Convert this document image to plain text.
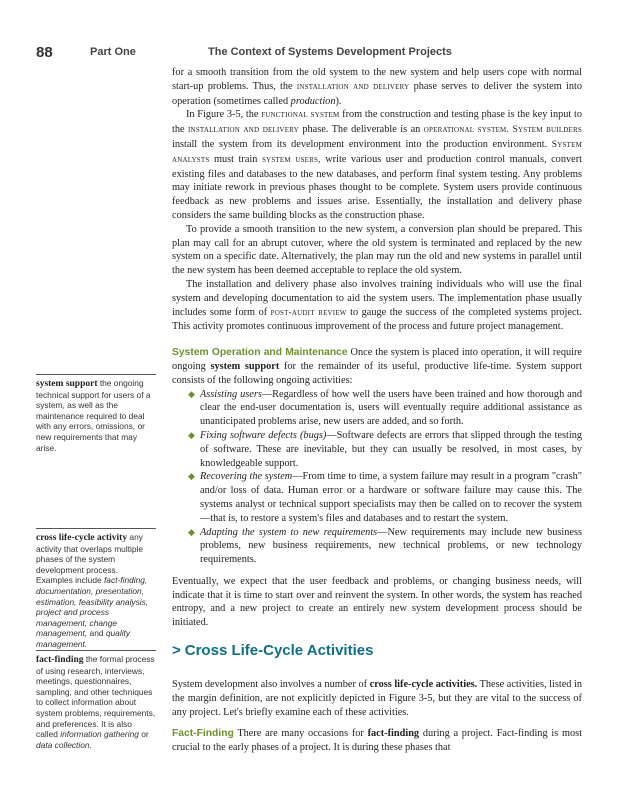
88	Part One	The Context of Systems Development Projects

for a smooth transition from the old system to the new system and help users cope with normal start-up problems. Thus, the installation and delivery phase serves to deliver the system into operation (sometimes called production).

In Figure 3-5, the functional system from the construction and testing phase is the key input to the installation and delivery phase. The deliverable is an operational system. System builders install the system from its development environment into the production environment. System analysts must train system users, write various user and production control manuals, convert existing files and databases to the new databases, and perform final system testing. Any problems may initiate rework in previous phases thought to be complete. System users provide continuous feedback as new problems and issues arise. Essentially, the installation and delivery phase considers the same building blocks as the construction phase.

To provide a smooth transition to the new system, a conversion plan should be prepared. This plan may call for an abrupt cutover, where the old system is terminated and replaced by the new system on a specific date. Alternatively, the plan may run the old and new systems in parallel until the new system has been deemed acceptable to replace the old system.

The installation and delivery phase also involves training individuals who will use the final system and developing documentation to aid the system users. The implementation phase usually includes some form of post-audit review to gauge the success of the completed systems project. This activity promotes continuous improvement of the process and future project management.

System Operation and Maintenance Once the system is placed into operation, it will require ongoing system support for the remainder of its useful, productive life-time. System support consists of the following ongoing activities:

◆ Assisting users—Regardless of how well the users have been trained and how thorough and clear the end-user documentation is, users will eventually require additional assistance as unanticipated problems arise, new users are added, and so forth.
◆ Fixing software defects (bugs)—Software defects are errors that slipped through the testing of software. These are inevitable, but they can usually be resolved, in most cases, by knowledgeable support.
◆ Recovering the system—From time to time, a system failure may result in a program "crash" and/or loss of data. Human error or a hardware or software failure may cause this. The systems analyst or technical support specialists may then be called on to recover the system—that is, to restore a system's files and databases and to restart the system.
◆ Adapting the system to new requirements—New requirements may include new business problems, new business requirements, new technical problems, or new technology requirements.

Eventually, we expect that the user feedback and problems, or changing business needs, will indicate that it is time to start over and reinvent the system. In other words, the system has reached entropy, and a new project to create an entirely new system development process should be initiated.

> Cross Life-Cycle Activities

System development also involves a number of cross life-cycle activities. These activities, listed in the margin definition, are not explicitly depicted in Figure 3-5, but they are vital to the success of any project. Let's briefly examine each of these activities.

Fact-Finding There are many occasions for fact-finding during a project. Fact-finding is most crucial to the early phases of a project. It is during these phases that

system support the ongoing technical support for users of a system, as well as the maintenance required to deal with any errors, omissions, or new requirements that may arise.
cross life-cycle activity any activity that overlaps multiple phases of the system development process. Examples include fact-finding, documentation, presentation, estimation, feasibility analysis, project and process management, change management, and quality management.
fact-finding the formal process of using research, interviews, meetings, questionnaires, sampling, and other techniques to collect information about system problems, requirements, and preferences. It is also called information gathering or data collection.
